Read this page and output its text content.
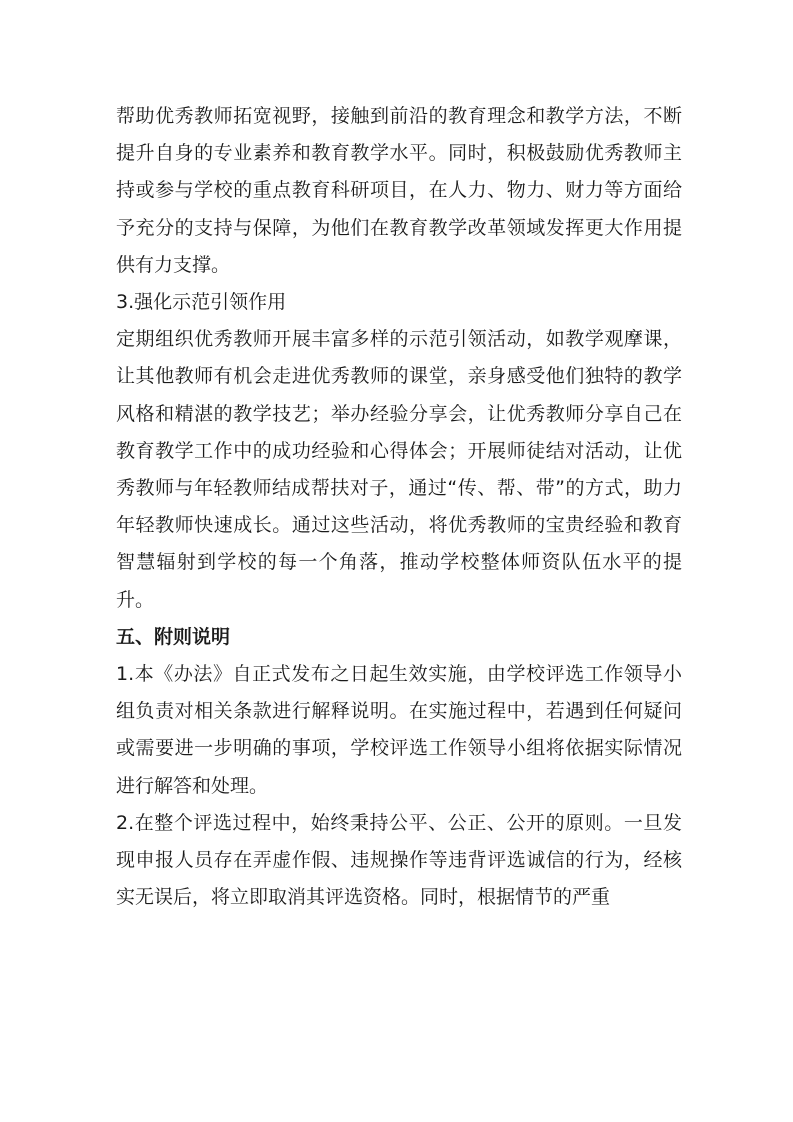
帮助优秀教师拓宽视野，接触到前沿的教育理念和教学方法，不断提升自身的专业素养和教育教学水平。同时，积极鼓励优秀教师主持或参与学校的重点教育科研项目，在人力、物力、财力等方面给予充分的支持与保障，为他们在教育教学改革领域发挥更大作用提供有力支撑。

3.强化示范引领作用

定期组织优秀教师开展丰富多样的示范引领活动，如教学观摩课，让其他教师有机会走进优秀教师的课堂，亲身感受他们独特的教学风格和精湛的教学技艺；举办经验分享会，让优秀教师分享自己在教育教学工作中的成功经验和心得体会；开展师徒结对活动，让优秀教师与年轻教师结成帮扶对子，通过“传、帮、带”的方式，助力年轻教师快速成长。通过这些活动，将优秀教师的宝贵经验和教育智慧辐射到学校的每一个角落，推动学校整体师资队伍水平的提升。

五、附则说明

1.本《办法》自正式发布之日起生效实施，由学校评选工作领导小组负责对相关条款进行解释说明。在实施过程中，若遇到任何疑问或需要进一步明确的事项，学校评选工作领导小组将依据实际情况进行解答和处理。

2.在整个评选过程中，始终秉持公平、公正、公开的原则。一旦发现申报人员存在弄虚作假、违规操作等违背评选诚信的行为，经核实无误后，将立即取消其评选资格。同时，根据情节的严重
